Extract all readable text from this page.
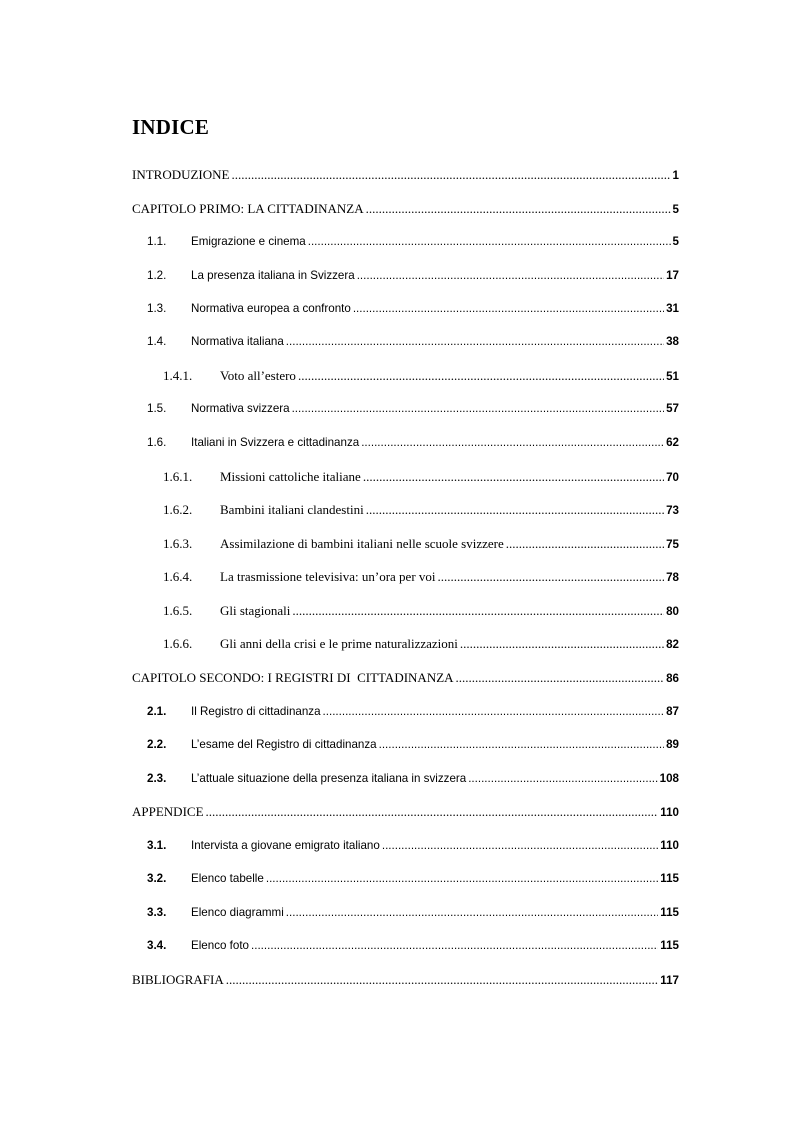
INDICE
INTRODUZIONE .....	1
CAPITOLO PRIMO: LA CITTADINANZA .....	5
1.1.	Emigrazione e cinema .....	5
1.2.	La presenza italiana in Svizzera .....	17
1.3.	Normativa europea a confronto .....	31
1.4.	Normativa italiana .....	38
1.4.1.	Voto all’estero .....	51
1.5.	Normativa svizzera .....	57
1.6.	Italiani in Svizzera e cittadinanza .....	62
1.6.1.	Missioni cattoliche italiane .....	70
1.6.2.	Bambini italiani clandestini .....	73
1.6.3.	Assimilazione di bambini italiani nelle scuole svizzere .....	75
1.6.4.	La trasmissione televisiva: un’ora per voi .....	78
1.6.5.	Gli stagionali .....	80
1.6.6.	Gli anni della crisi e le prime naturalizzazioni .....	82
CAPITOLO SECONDO: I REGISTRI DI  CITTADINANZA .....	86
2.1.	Il Registro di cittadinanza .....	87
2.2.	L’esame del Registro di cittadinanza .....	89
2.3.	L’attuale situazione della presenza italiana in svizzera .....	108
APPENDICE .....	110
3.1.	Intervista a giovane emigrato italiano .....	110
3.2.	Elenco tabelle .....	115
3.3.	Elenco diagrammi .....	115
3.4.	Elenco foto .....	115
BIBLIOGRAFIA .....	117
